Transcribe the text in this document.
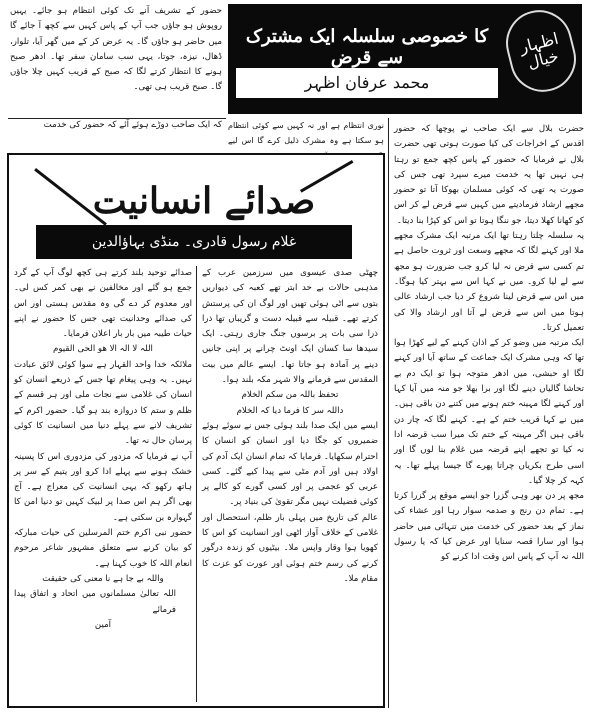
اظہار خیال
کا خصوصی سلسلہ ایک مشترک سے قرض
محمد عرفان اظہر

حضور کے تشریف آنے تک کوئی انتظام ہو جائے۔ یہیں روپوش ہو جاؤں جب آپ کے پاس کہیں سے کچھ آ جائے گا میں حاضر ہو جاؤں گا۔ یہ عرض کر کے میں گھر آیا، تلوار، ڈھال، نیزہ، جوتا، یہی سب سامان سفر تھا۔ ادھر صبح ہونے کا انتظار کرتے لگا کہ صبح کے قریب کہیں چلا جاؤں گا۔ صبح قریب ہی تھی۔

کہ ایک صاحب دوڑے ہوئے آئے کہ حضور کی خدمت	نوری انتظام ہے اور نہ کہیں سے کوئی انتظام ہو سکتا ہے وہ مشرک ذلیل کرے گا اس لیے

حضرت بلال سے ایک صاحب نے پوچھا کہ حضور اقدس کے اخراجات کی کیا صورت ہوتی تھی حضرت بلال نے فرمایا کہ حضور کے پاس کچھ جمع تو رہتا ہی نہیں تھا یہ خدمت میرے سپرد تھی جس کی صورت یہ تھی کہ کوئی مسلمان بھوکا آتا تو حضور مجھے ارشاد فرمادیتے میں کہیں سے قرض لے کر اس کو کھانا کھلا دیتا، جو ننگا ہوتا تو اس کو کپڑا بنا دیتا۔

یہ سلسلہ چلتا رہتا تھا ایک مرتبہ ایک مشرک مجھے ملا اور کہنے لگا کہ مجھے وسعت اور ثروت حاصل ہے تم کسی سے قرض نہ لیا کرو جب ضرورت ہو مجھ سے لے لیا کرو۔ میں نے کہا اس سے بہتر کیا ہوگا۔ میں اس سے قرض لینا شروع کر دیا جب ارشاد عالی ہوتا میں اس سے قرض لے آتا اور ارشاد والا کی تعمیل کرتا۔

ایک مرتبہ میں وضو کر کے اذان کہنے کے لیے کھڑا ہوا تھا کہ وہی مشرک ایک جماعت کے ساتھ آیا اور کہنے لگا او حبشی، میں ادھر متوجہ ہوا تو ایک دم بے تحاشا گالیاں دینے لگا اور برا بھلا جو منہ میں آیا کہا اور کہنے لگا مہینہ ختم ہونے میں کتنے دن باقی ہیں۔ میں نے کہا قریب ختم کے ہے۔ کہنے لگا کہ چار دن باقی ہیں اگر مہینہ کے ختم تک میرا سب قرضہ ادا نہ کیا تو تجھے اپنے قرضہ میں غلام بنا لوں گا اور اسی طرح بکریاں چراتا پھرے گا جیسا پہلے تھا۔ یہ کہہ کر چلا گیا۔

مجھ پر دن بھر وہی گزرا جو ایسے موقع پر گزرا کرتا ہے۔ تمام دن رنج و صدمہ سوار رہا اور عشاء کی نماز کے بعد حضور کی خدمت میں تنہائی میں حاضر ہوا اور سارا قصہ سنایا اور عرض کیا کہ یا رسول اللہ نہ آپ کے پاس اس وقت ادا کرنے کو

صدائے انسانیت
غلام رسول قادری۔ منڈی بہاؤالدین

چھٹی صدی عیسوی میں سرزمین عرب کے مذہبی حالات بے حد ابتر تھے کعبہ کی دیواریں بتوں سے اٹی ہوئی تھیں اور لوگ ان کی پرستش کرتے تھے۔ قبیلہ سے قبیلہ دست و گریباں تھا ذرا ذرا سی بات پر برسوں جنگ جاری رہتی۔ ایک سیدھا سا کسان ایک اونٹ چرانے پر اپنی جانیں دینے پر آمادہ ہو جاتا تھا۔ ایسے عالم میں بیت المقدس سے فرمانے والا شہر مکہ بلند ہوا۔

تحفظ باللہ من سکم الخلام

داللہ سر کا فرما دیا کہ الخلام

ایسے میں ایک صدا بلند ہوئی جس نے سوئے ہوئے ضمیروں کو جگا دیا اور انسان کو انسان کا احترام سکھایا۔ فرمایا کہ تمام انسان ایک آدم کی اولاد ہیں اور آدم مٹی سے پیدا کیے گئے۔ کسی عربی کو عجمی پر اور کسی گورے کو کالے پر کوئی فضیلت نہیں مگر تقویٰ کی بنیاد پر۔

عالم کی تاریخ میں پہلی بار ظلم، استحصال اور غلامی کے خلاف آواز اٹھی اور انسانیت کو اس کا کھویا ہوا وقار واپس ملا۔ بیٹیوں کو زندہ درگور کرنے کی رسم ختم ہوئی اور عورت کو عزت کا مقام ملا۔

صدائے توحید بلند کرتے ہی کچھ لوگ آپ کے گرد جمع ہو گئے اور مخالفین نے بھی کمر کس لی۔ اور معدوم کر دے گی وہ مقدس ہستی اور اس کی صدائے وحدانیت تھی جس کا حضور نے اپنے حیات طیبہ میں بار بار اعلان فرمایا۔

اللہ لا الہ الا ھو الحی القیوم

ملائکہ خدا واحد القہار ہے سوا کوئی لائق عبادت نہیں۔ یہ وہی پیغام تھا جس کے ذریعے انسان کو انسان کی غلامی سے نجات ملی اور ہر قسم کے ظلم و ستم کا دروازہ بند ہو گیا۔ حضور اکرم کے تشریف لانے سے پہلے دنیا میں انسانیت کا کوئی پرسان حال نہ تھا۔

آپ نے فرمایا کہ مزدور کی مزدوری اس کا پسینہ خشک ہونے سے پہلے ادا کرو اور یتیم کے سر پر ہاتھ رکھو کہ یہی انسانیت کی معراج ہے۔ آج بھی اگر ہم اس صدا پر لبیک کہیں تو دنیا امن کا گہوارہ بن سکتی ہے۔

حضور نبی اکرم ختم المرسلین کی حیات مبارکہ کو بیان کرنے سے متعلق مشہور شاعر مرحوم انعام اللہ کا خوب کہنا ہے۔

واللہ بے جا ہے نا معنی کی حقیقت

اللہ تعالیٰ مسلمانوں میں اتحاد و اتفاق پیدا فرمائے

آمین
